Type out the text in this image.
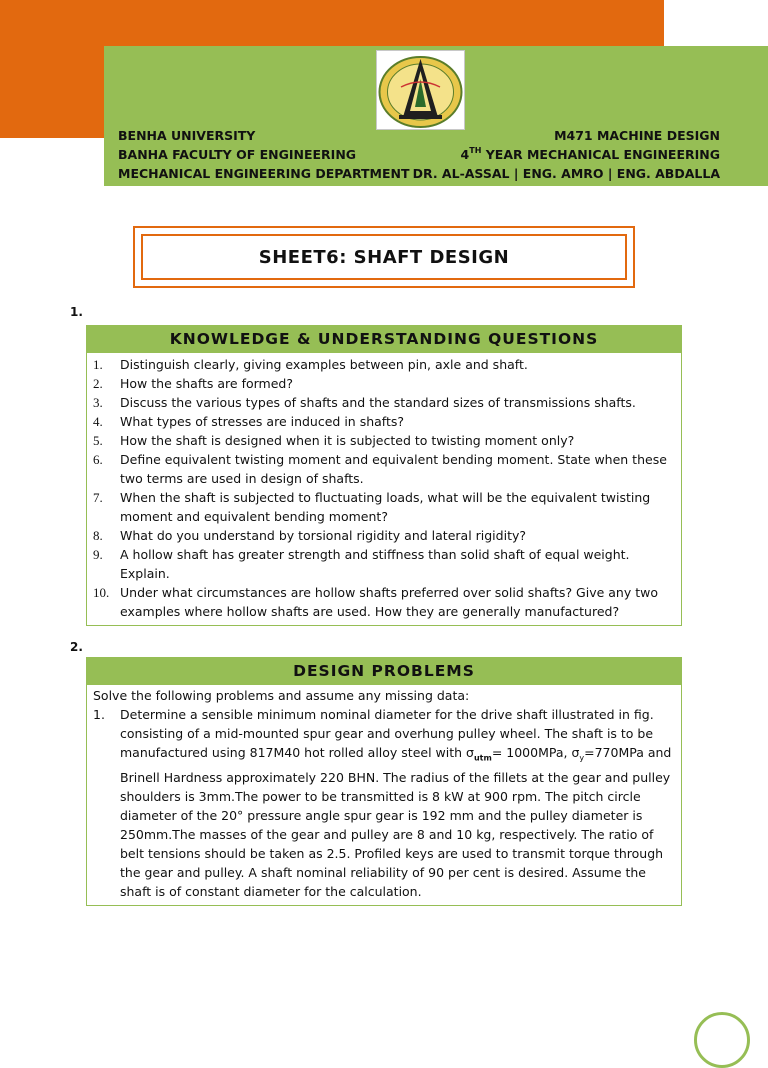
BENHA UNIVERSITY
BANHA FACULTY OF ENGINEERING
MECHANICAL ENGINEERING DEPARTMENT
M471 MACHINE DESIGN
4TH YEAR MECHANICAL ENGINEERING
DR. AL-ASSAL | ENG. AMRO | ENG. ABDALLA
SHEET6: SHAFT DESIGN
1.
KNOWLEDGE & UNDERSTANDING QUESTIONS
1. Distinguish clearly, giving examples between pin, axle and shaft.
2. How the shafts are formed?
3. Discuss the various types of shafts and the standard sizes of transmissions shafts.
4. What types of stresses are induced in shafts?
5. How the shaft is designed when it is subjected to twisting moment only?
6. Define equivalent twisting moment and equivalent bending moment. State when these two terms are used in design of shafts.
7. When the shaft is subjected to fluctuating loads, what will be the equivalent twisting moment and equivalent bending moment?
8. What do you understand by torsional rigidity and lateral rigidity?
9. A hollow shaft has greater strength and stiffness than solid shaft of equal weight. Explain.
10. Under what circumstances are hollow shafts preferred over solid shafts? Give any two examples where hollow shafts are used. How they are generally manufactured?
2.
DESIGN PROBLEMS
Solve the following problems and assume any missing data:
1. Determine a sensible minimum nominal diameter for the drive shaft illustrated in fig. consisting of a mid-mounted spur gear and overhung pulley wheel. The shaft is to be manufactured using 817M40 hot rolled alloy steel with $\sigma_{utm}= 1000MPa$, $\sigma_y=770MPa$ and Brinell Hardness approximately 220 BHN. The radius of the fillets at the gear and pulley shoulders is 3mm.The power to be transmitted is 8 kW at 900 rpm. The pitch circle diameter of the 20° pressure angle spur gear is 192 mm and the pulley diameter is 250mm.The masses of the gear and pulley are 8 and 10 kg, respectively. The ratio of belt tensions should be taken as 2.5. Profiled keys are used to transmit torque through the gear and pulley. A shaft nominal reliability of 90 per cent is desired. Assume the shaft is of constant diameter for the calculation.
